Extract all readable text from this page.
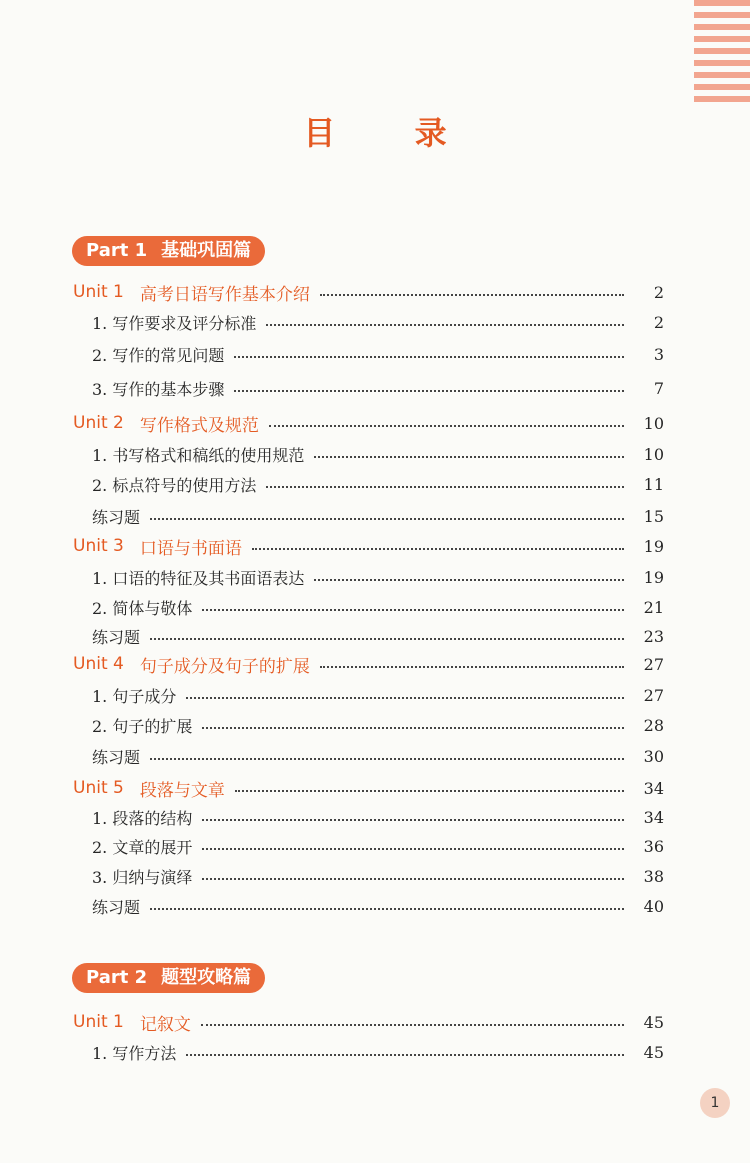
目 录
Part 1 基础巩固篇
Part 2 题型攻略篇
Unit 1 高考日语写作基本介绍	2
1. 写作要求及评分标准	2
2. 写作的常见问题	3
3. 写作的基本步骤	7
Unit 2 写作格式及规范	10
1. 书写格式和稿纸的使用规范	10
2. 标点符号的使用方法	11
练习题	15
Unit 3 口语与书面语	19
1. 口语的特征及其书面语表达	19
2. 简体与敬体	21
练习题	23
Unit 4 句子成分及句子的扩展	27
1. 句子成分	27
2. 句子的扩展	28
练习题	30
Unit 5 段落与文章	34
1. 段落的结构	34
2. 文章的展开	36
3. 归纳与演绎	38
练习题	40
Unit 1 记叙文	45
1. 写作方法	45
1
